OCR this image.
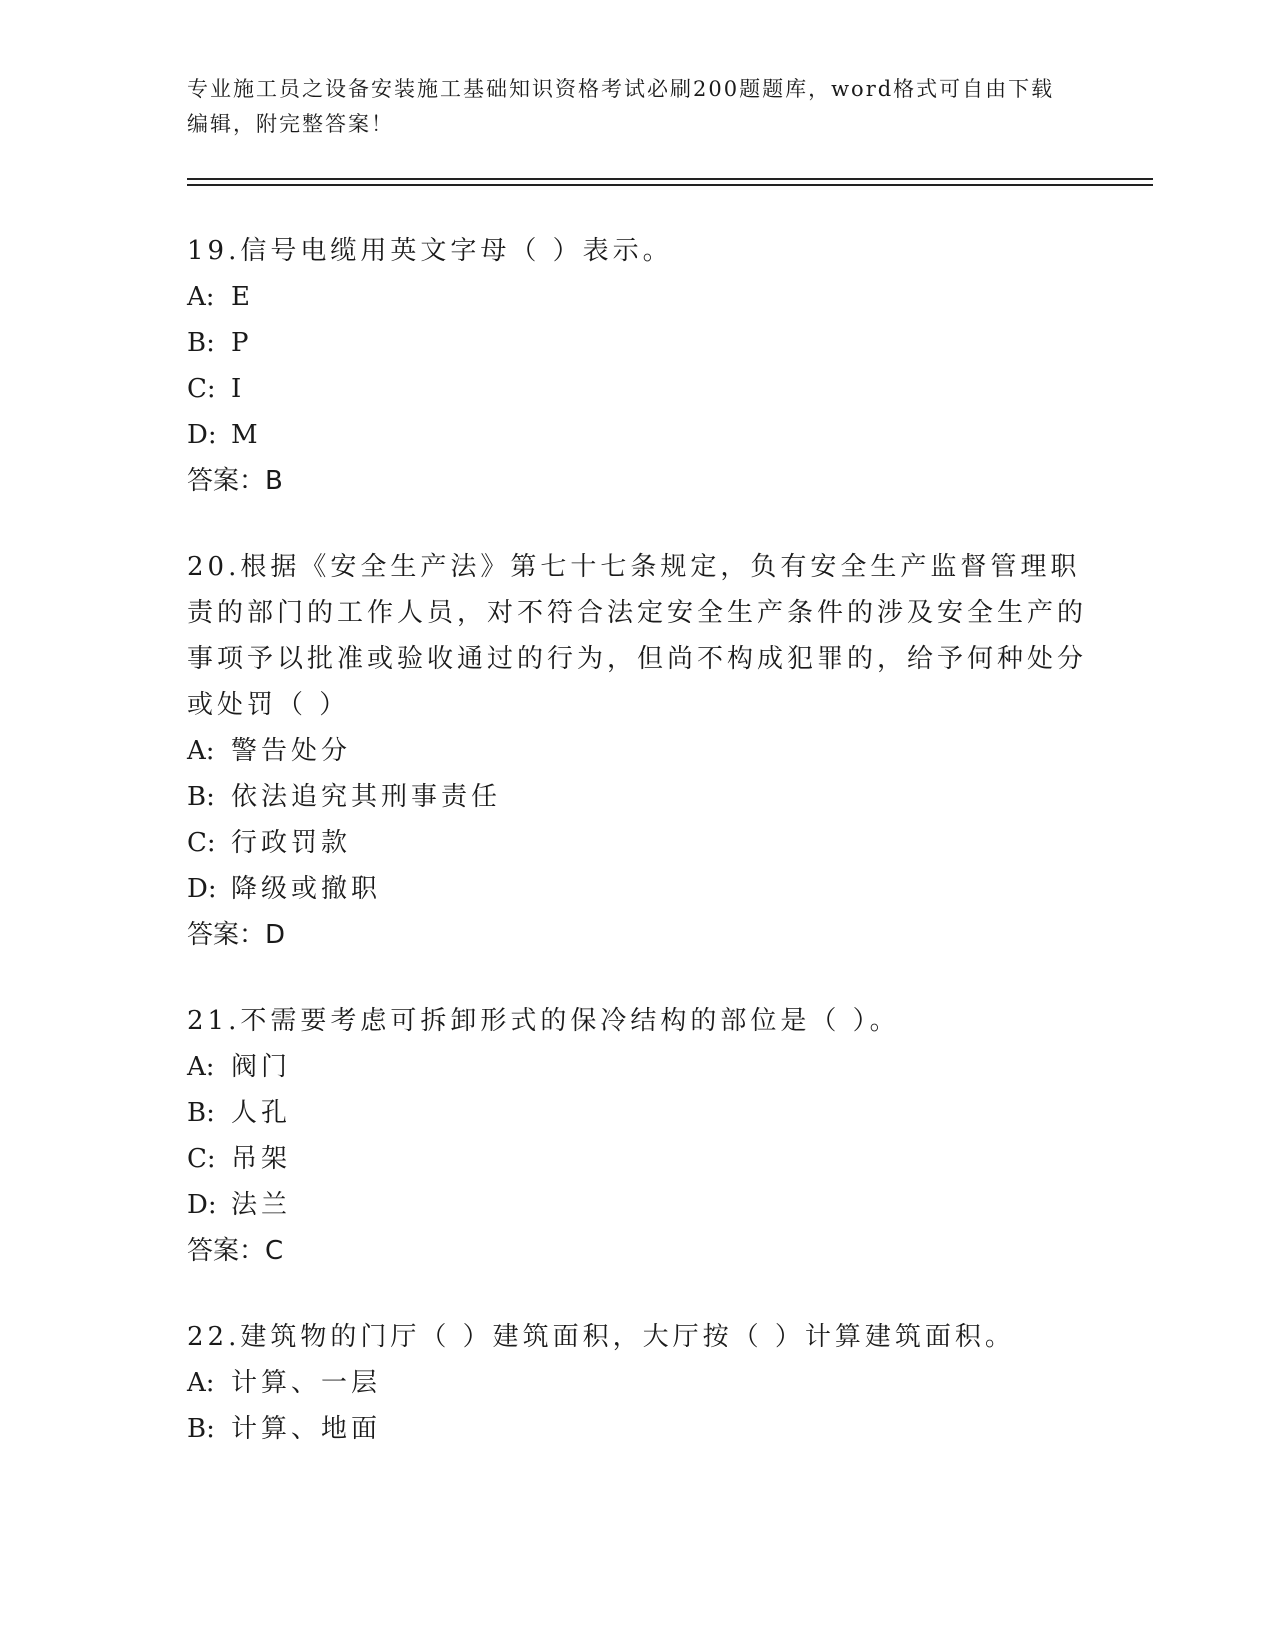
专业施工员之设备安装施工基础知识资格考试必刷200题题库，word格式可自由下载编辑，附完整答案！

19.信号电缆用英文字母（ ）表示。

A: E

B: P

C: I

D: M

答案：B

20.根据《安全生产法》第七十七条规定，负有安全生产监督管理职责的部门的工作人员，对不符合法定安全生产条件的涉及安全生产的事项予以批准或验收通过的行为，但尚不构成犯罪的，给予何种处分或处罚（ ）

A: 警告处分

B: 依法追究其刑事责任

C: 行政罚款

D: 降级或撤职

答案：D

21.不需要考虑可拆卸形式的保冷结构的部位是（ ）。

A: 阀门

B: 人孔

C: 吊架

D: 法兰

答案：C

22.建筑物的门厅（ ）建筑面积，大厅按（ ）计算建筑面积。

A: 计算、一层

B: 计算、地面
